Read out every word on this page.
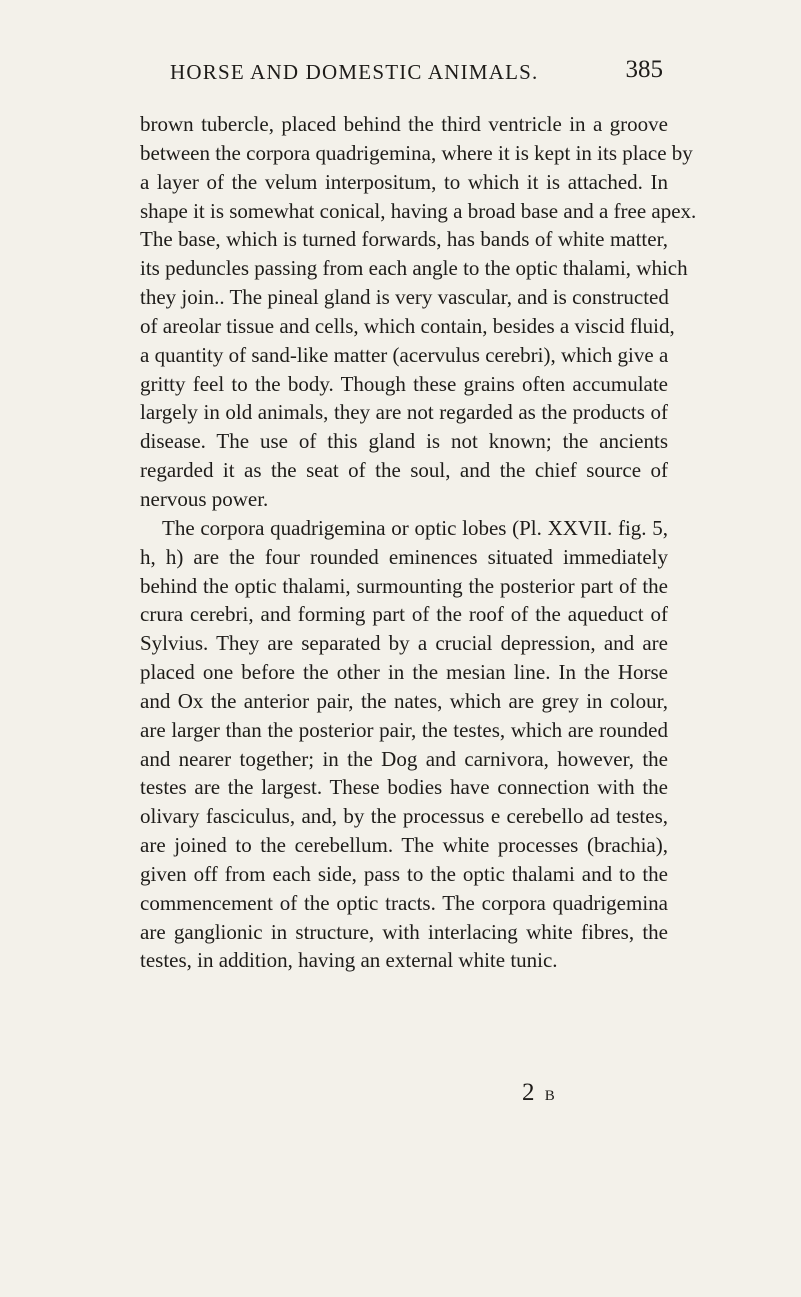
HORSE AND DOMESTIC ANIMALS.	385
brown tubercle, placed behind the third ventricle in a groove
between the corpora quadrigemina, where it is kept in its place by
a layer of the velum interpositum, to which it is attached. In
shape it is somewhat conical, having a broad base and a free apex.
The base, which is turned forwards, has bands of white matter,
its peduncles passing from each angle to the optic thalami, which
they join.. The pineal gland is very vascular, and is constructed
of areolar tissue and cells, which contain, besides a viscid fluid,
a quantity of sand-like matter (acervulus cerebri), which give a
gritty feel to the body. Though these grains often accumulate
largely in old animals, they are not regarded as the products of
disease. The use of this gland is not known; the ancients
regarded it as the seat of the soul, and the chief source of
nervous power.
The corpora quadrigemina or optic lobes (Pl. XXVII. fig. 5,
h, h) are the four rounded eminences situated immediately
behind the optic thalami, surmounting the posterior part of the
crura cerebri, and forming part of the roof of the aqueduct of
Sylvius. They are separated by a crucial depression, and are
placed one before the other in the mesian line. In the Horse
and Ox the anterior pair, the nates, which are grey in colour,
are larger than the posterior pair, the testes, which are rounded
and nearer together; in the Dog and carnivora, however, the
testes are the largest. These bodies have connection with the
olivary fasciculus, and, by the processus e cerebello ad testes,
are joined to the cerebellum. The white processes (brachia),
given off from each side, pass to the optic thalami and to the
commencement of the optic tracts. The corpora quadrigemina
are ganglionic in structure, with interlacing white fibres, the
testes, in addition, having an external white tunic.
2 B
